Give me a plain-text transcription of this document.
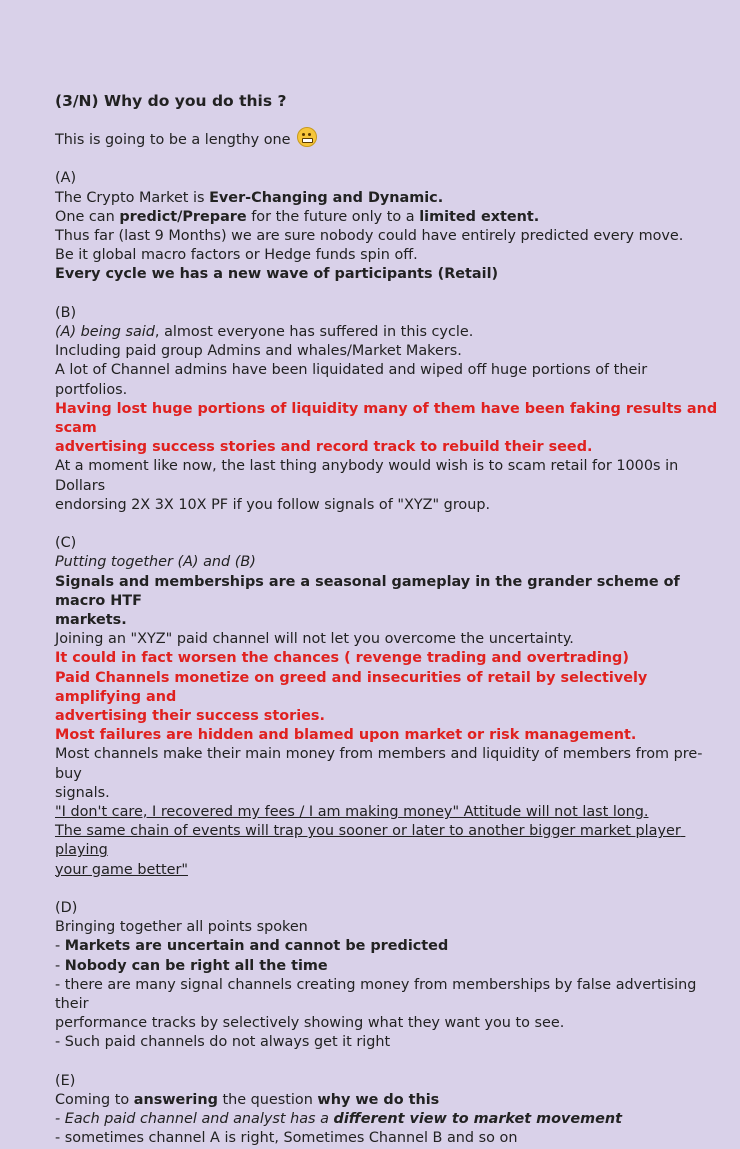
(3/N) Why do you do this ?
This is going to be a lengthy one
(A)
The Crypto Market is Ever-Changing and Dynamic.
One can predict/Prepare for the future only to a limited extent.
Thus far (last 9 Months) we are sure nobody could have entirely predicted every move.
Be it global macro factors or Hedge funds spin off.
Every cycle we has a new wave of participants (Retail)
(B)
(A) being said, almost everyone has suffered in this cycle.
Including paid group Admins and whales/Market Makers.
A lot of Channel admins have been liquidated and wiped off huge portions of their portfolios.
Having lost huge portions of liquidity many of them have been faking results and scam
advertising success stories and record track to rebuild their seed.
At a moment like now, the last thing anybody would wish is to scam retail for 1000s in Dollars
endorsing 2X 3X 10X PF if you follow signals of "XYZ" group.
(C)
Putting together (A) and (B)
Signals and memberships are a seasonal gameplay in the grander scheme of macro HTF
markets.
Joining an "XYZ" paid channel will not let you overcome the uncertainty.
It could in fact worsen the chances ( revenge trading and overtrading)
Paid Channels monetize on greed and insecurities of retail by selectively amplifying and
advertising their success stories.
Most failures are hidden and blamed upon market or risk management.
Most channels make their main money from members and liquidity of members from pre-buy
signals.
"I don't care, I recovered my fees / I am making money" Attitude will not last long.
The same chain of events will trap you sooner or later to another bigger market player playing
your game better"
(D)
Bringing together all points spoken
- Markets are uncertain and cannot be predicted
- Nobody can be right all the time
- there are many signal channels creating money from memberships by false advertising their
performance tracks by selectively showing what they want you to see.
- Such paid channels do not always get it right
(E)
Coming to answering the question why we do this
- Each paid channel and analyst has a different view to market movement
- sometimes channel A is right, Sometimes Channel B and so on
